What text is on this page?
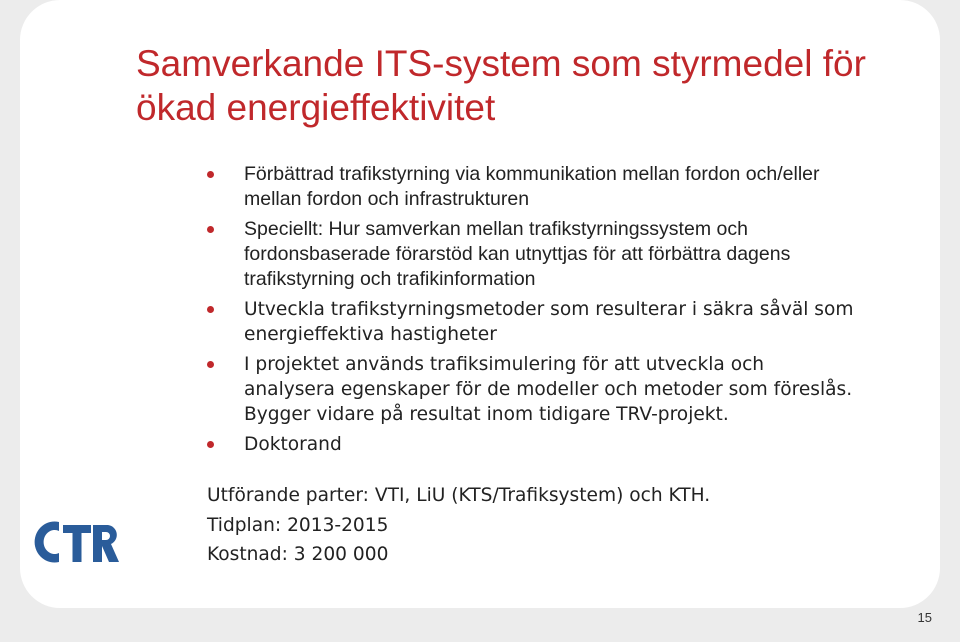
Samverkande ITS-system som styrmedel för ökad energieffektivitet
Förbättrad trafikstyrning via kommunikation mellan fordon och/eller mellan fordon och infrastrukturen
Speciellt: Hur samverkan mellan trafikstyrningssystem och fordonsbaserade förarstöd kan utnyttjas för att förbättra dagens trafikstyrning och trafikinformation
Utveckla trafikstyrningsmetoder som resulterar i säkra såväl som energieffektiva hastigheter
I projektet används trafiksimulering för att utveckla och analysera egenskaper för de modeller och metoder som föreslås. Bygger vidare på resultat inom tidigare TRV-projekt.
Doktorand
Utförande parter: VTI, LiU (KTS/Trafiksystem) och KTH.
Tidplan: 2013-2015
Kostnad: 3 200 000
15
